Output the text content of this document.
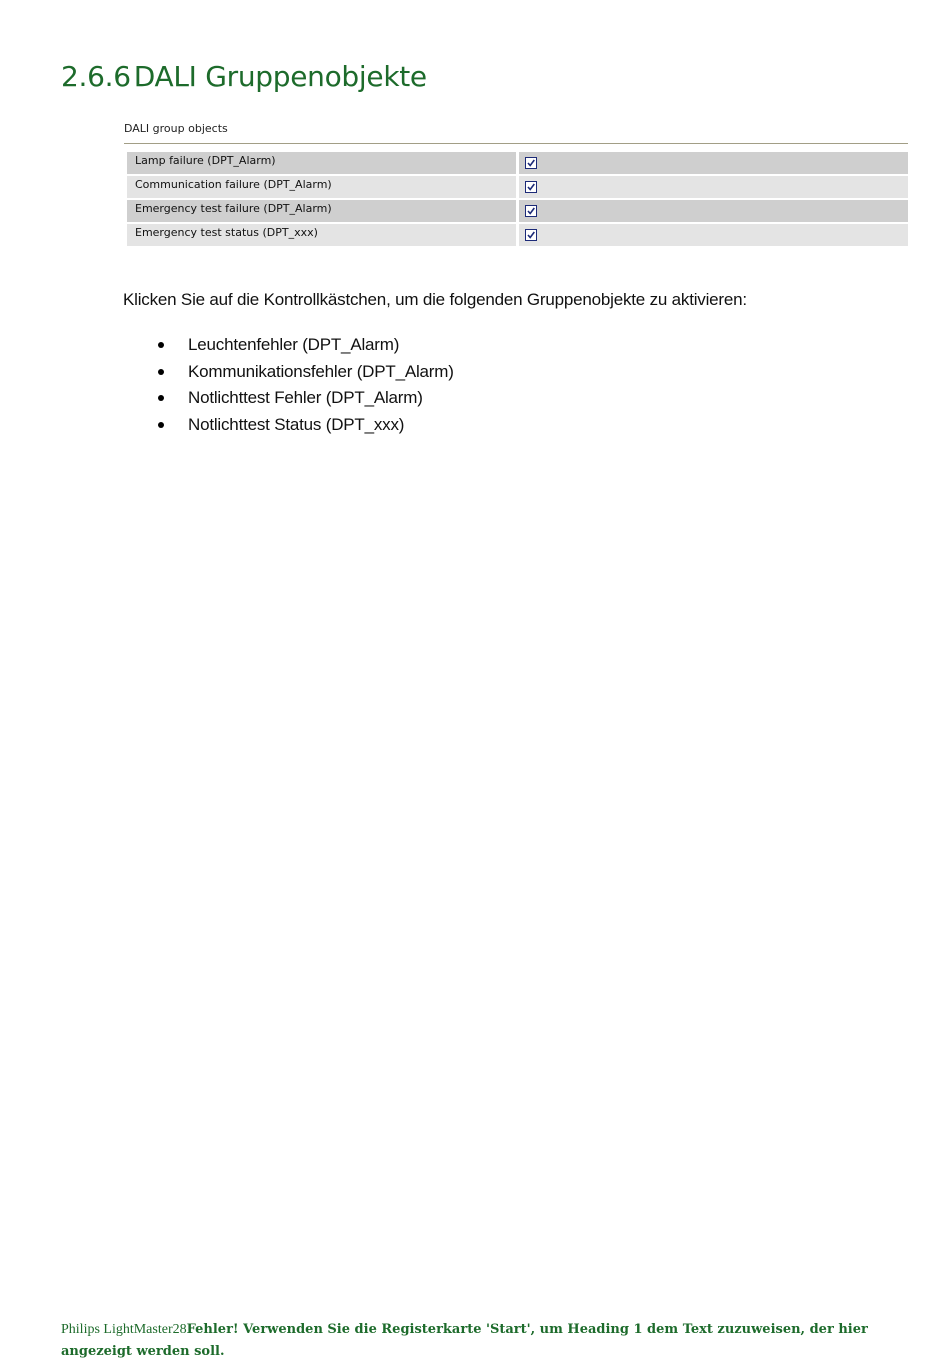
2.6.6 DALI Gruppenobjekte
DALI group objects
Lamp failure (DPT_Alarm)
Communication failure (DPT_Alarm)
Emergency test failure (DPT_Alarm)
Emergency test status (DPT_xxx)

Klicken Sie auf die Kontrollkästchen, um die folgenden Gruppenobjekte zu aktivieren:

Leuchtenfehler (DPT_Alarm)
Kommunikationsfehler (DPT_Alarm)
Notlichttest Fehler (DPT_Alarm)
Notlichttest Status (DPT_xxx)

Philips LightMaster28Fehler! Verwenden Sie die Registerkarte 'Start', um Heading 1 dem Text zuzuweisen, der hier angezeigt werden soll.
